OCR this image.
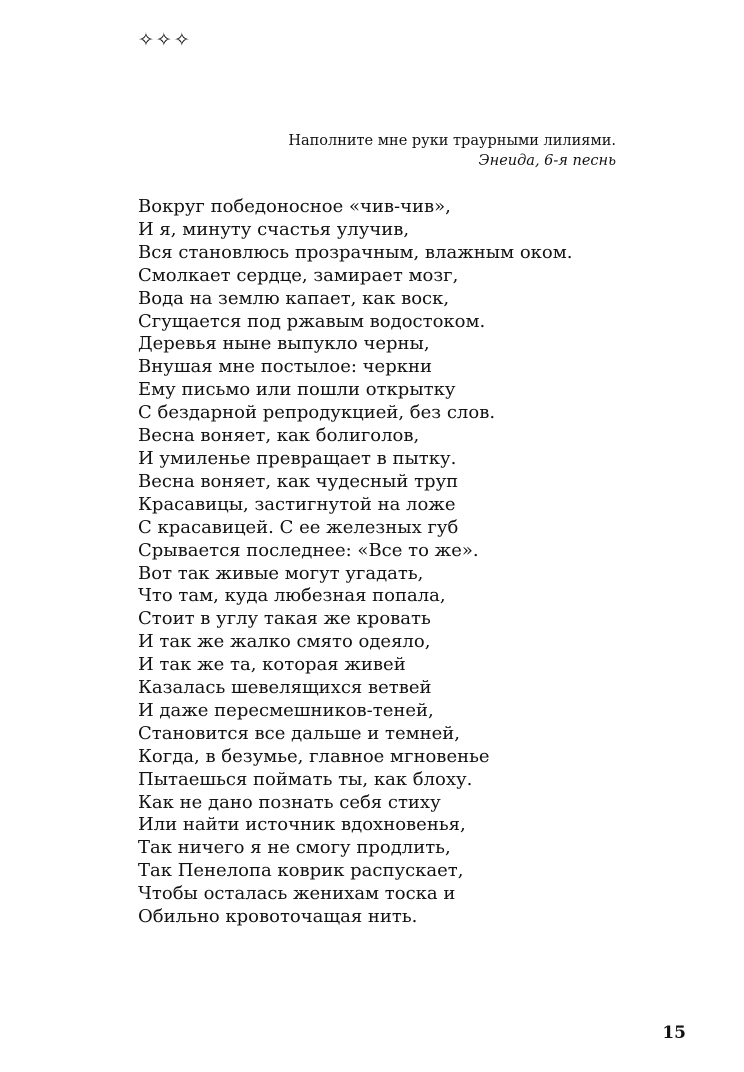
✧✧✧
Наполните мне руки траурными лилиями.
Энеида, 6-я песнь
Вокруг победоносное «чив-чив»,
И я, минуту счастья улучив,
Вся становлюсь прозрачным, влажным оком.
Смолкает сердце, замирает мозг,
Вода на землю капает, как воск,
Сгущается под ржавым водостоком.
Деревья ныне выпукло черны,
Внушая мне постылое: черкни
Ему письмо или пошли открытку
С бездарной репродукцией, без слов.
Весна воняет, как болиголов,
И умиленье превращает в пытку.
Весна воняет, как чудесный труп
Красавицы, застигнутой на ложе
С красавицей. С ее железных губ
Срывается последнее: «Все то же».
Вот так живые могут угадать,
Что там, куда любезная попала,
Стоит в углу такая же кровать
И так же жалко смято одеяло,
И так же та, которая живей
Казалась шевелящихся ветвей
И даже пересмешников-теней,
Становится все дальше и темней,
Когда, в безумье, главное мгновенье
Пытаешься поймать ты, как блоху.
Как не дано познать себя стиху
Или найти источник вдохновенья,
Так ничего я не смогу продлить,
Так Пенелопа коврик распускает,
Чтобы осталась женихам тоска и
Обильно кровоточащая нить.
15
